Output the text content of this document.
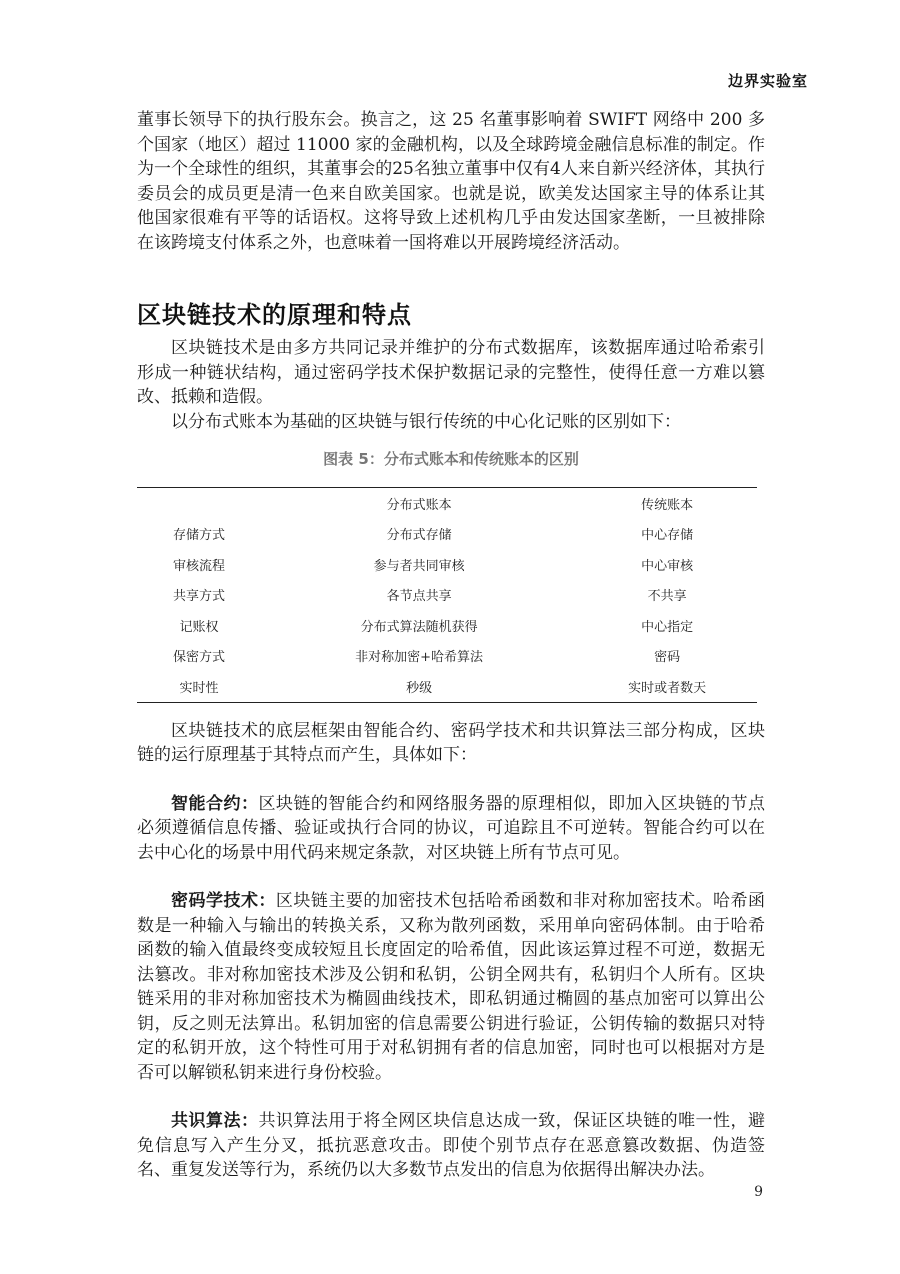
边界实验室

董事长领导下的执行股东会。换言之，这 25 名董事影响着 SWIFT 网络中 200 多个国家（地区）超过 11000 家的金融机构，以及全球跨境金融信息标准的制定。作为一个全球性的组织，其董事会的25名独立董事中仅有4人来自新兴经济体，其执行委员会的成员更是清一色来自欧美国家。也就是说，欧美发达国家主导的体系让其他国家很难有平等的话语权。这将导致上述机构几乎由发达国家垄断，一旦被排除在该跨境支付体系之外，也意味着一国将难以开展跨境经济活动。

区块链技术的原理和特点

区块链技术是由多方共同记录并维护的分布式数据库，该数据库通过哈希索引形成一种链状结构，通过密码学技术保护数据记录的完整性，使得任意一方难以篡改、抵赖和造假。

以分布式账本为基础的区块链与银行传统的中心化记账的区别如下：

图表 5：分布式账本和传统账本的区别
	分布式账本	传统账本
存储方式	分布式存储	中心存储
审核流程	参与者共同审核	中心审核
共享方式	各节点共享	不共享
记账权	分布式算法随机获得	中心指定
保密方式	非对称加密+哈希算法	密码
实时性	秒级	实时或者数天

区块链技术的底层框架由智能合约、密码学技术和共识算法三部分构成，区块链的运行原理基于其特点而产生，具体如下：

智能合约：区块链的智能合约和网络服务器的原理相似，即加入区块链的节点必须遵循信息传播、验证或执行合同的协议，可追踪且不可逆转。智能合约可以在去中心化的场景中用代码来规定条款，对区块链上所有节点可见。

密码学技术：区块链主要的加密技术包括哈希函数和非对称加密技术。哈希函数是一种输入与输出的转换关系，又称为散列函数，采用单向密码体制。由于哈希函数的输入值最终变成较短且长度固定的哈希值，因此该运算过程不可逆，数据无法篡改。非对称加密技术涉及公钥和私钥，公钥全网共有，私钥归个人所有。区块链采用的非对称加密技术为椭圆曲线技术，即私钥通过椭圆的基点加密可以算出公钥，反之则无法算出。私钥加密的信息需要公钥进行验证，公钥传输的数据只对特定的私钥开放，这个特性可用于对私钥拥有者的信息加密，同时也可以根据对方是否可以解锁私钥来进行身份校验。

共识算法：共识算法用于将全网区块信息达成一致，保证区块链的唯一性，避免信息写入产生分叉，抵抗恶意攻击。即使个别节点存在恶意篡改数据、伪造签名、重复发送等行为，系统仍以大多数节点发出的信息为依据得出解决办法。

9
